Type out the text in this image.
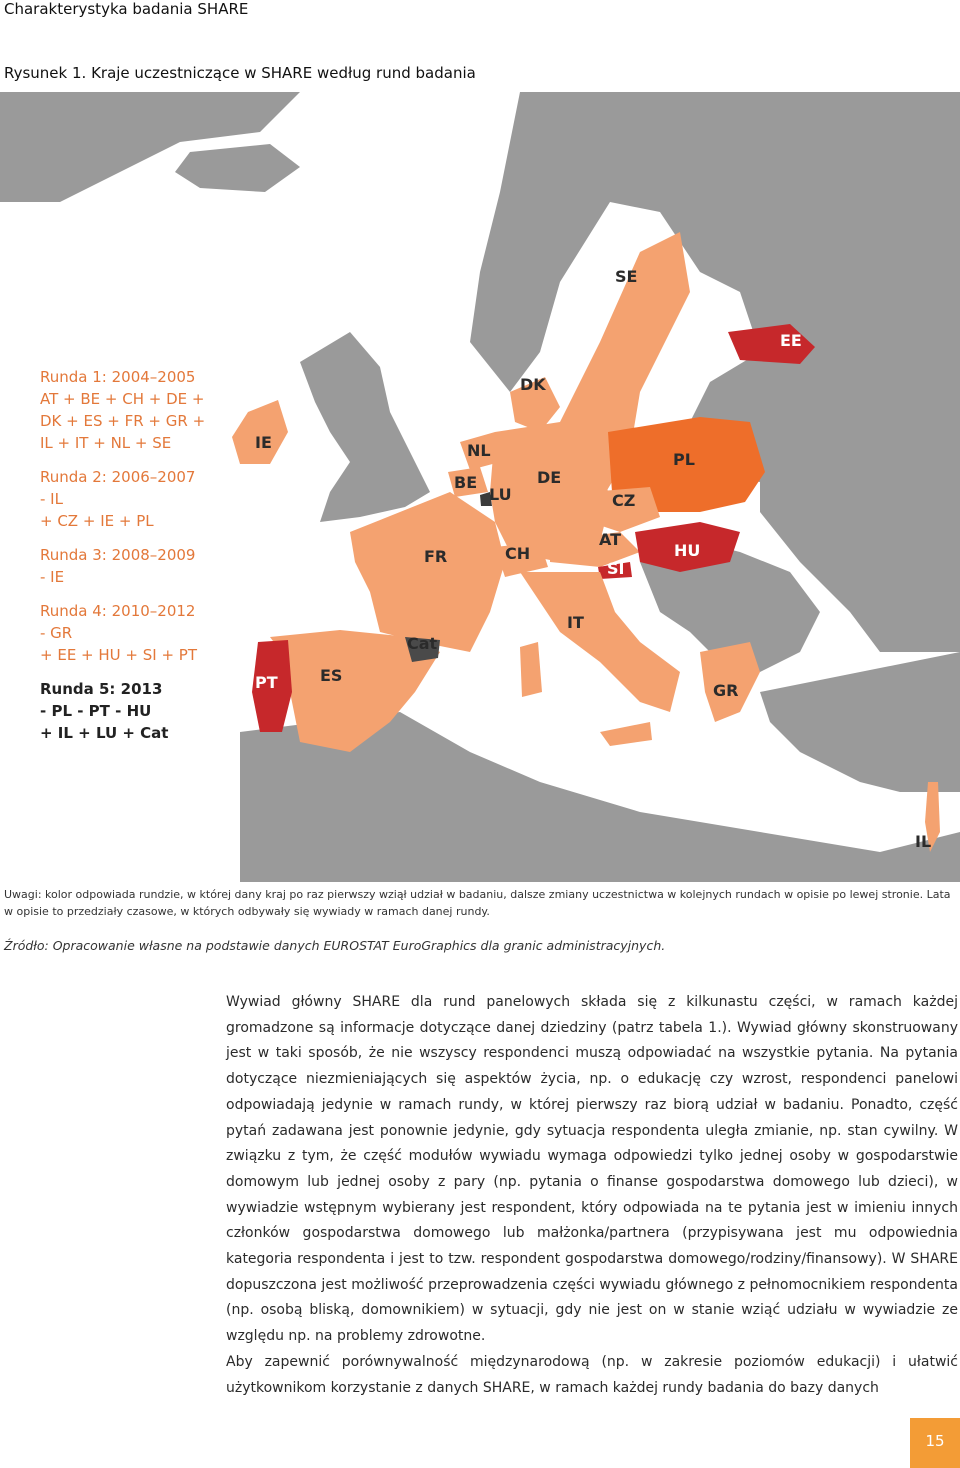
Charakterystyka badania SHARE
Rysunek 1. Kraje uczestniczące w SHARE według rund badania
SE
EE
DK
IE	NL
BE
LU
DE
PL
CZ
FR	CH
AT
SI
HU
IT
Cat
ES
PT	GR
IL
Runda 1: 2004–2005
AT + BE + CH + DE +
DK + ES + FR + GR +
IL + IT + NL + SE
Runda 2: 2006–2007
- IL
+ CZ + IE + PL
Runda 3: 2008–2009
- IE
Runda 4: 2010–2012
- GR
+ EE + HU + SI + PT
Runda 5: 2013
- PL - PT - HU
+ IL + LU + Cat
Uwagi: kolor odpowiada rundzie, w której dany kraj po raz pierwszy wziął udział w badaniu, dalsze zmiany uczestnictwa w kolejnych rundach w opisie po lewej stronie. Lata w opisie to przedziały czasowe, w których odbywały się wywiady w ramach danej rundy.
Źródło: Opracowanie własne na podstawie danych EUROSTAT EuroGraphics dla granic administracyjnych.

Wywiad główny SHARE dla rund panelowych składa się z kilkunastu części, w ramach każdej gromadzone są informacje dotyczące danej dziedziny (patrz tabela 1.). Wywiad główny skonstruowany jest w taki sposób, że nie wszyscy respondenci muszą odpowiadać na wszystkie pytania. Na pytania dotyczące niezmieniających się aspektów życia, np. o edukację czy wzrost, respondenci panelowi odpowiadają jedynie w ramach rundy, w której pierwszy raz biorą udział w badaniu. Ponadto, część pytań zadawana jest ponownie jedynie, gdy sytuacja respondenta uległa zmianie, np. stan cywilny. W związku z tym, że część modułów wywiadu wymaga odpowiedzi tylko jednej osoby w gospodarstwie domowym lub jednej osoby z pary (np. pytania o finanse gospodarstwa domowego lub dzieci), w wywiadzie wstępnym wybierany jest respondent, który odpowiada na te pytania jest w imieniu innych członków gospodarstwa domowego lub małżonka/partnera (przypisywana jest mu odpowiednia kategoria respondenta i jest to tzw. respondent gospodarstwa domowego/rodziny/finansowy). W SHARE dopuszczona jest możliwość przeprowadzenia części wywiadu głównego z pełnomocnikiem respondenta (np. osobą bliską, domownikiem) w sytuacji, gdy nie jest on w stanie wziąć udziału w wywiadzie ze względu np. na problemy zdrowotne.

Aby zapewnić porównywalność międzynarodową (np. w zakresie poziomów edukacji) i ułatwić użytkownikom korzystanie z danych SHARE, w ramach każdej rundy badania do bazy danych

15
